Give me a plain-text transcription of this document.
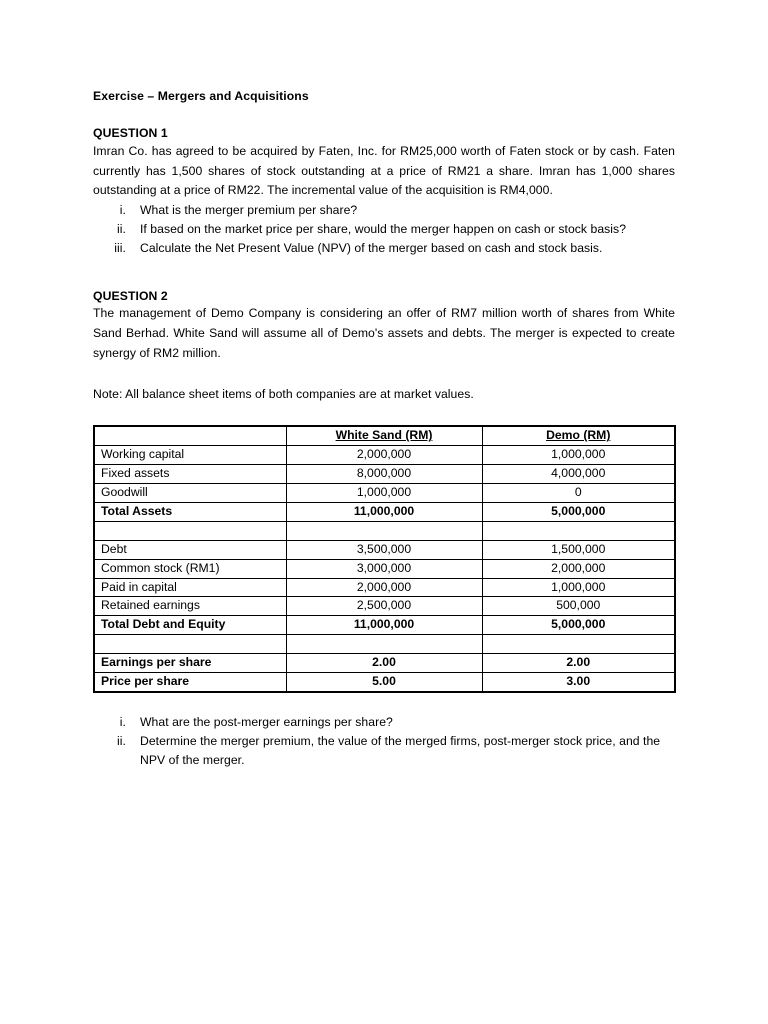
Exercise – Mergers and Acquisitions

QUESTION 1

Imran Co. has agreed to be acquired by Faten, Inc. for RM25,000 worth of Faten stock or by cash. Faten currently has 1,500 shares of stock outstanding at a price of RM21 a share. Imran has 1,000 shares outstanding at a price of RM22. The incremental value of the acquisition is RM4,000.

i. What is the merger premium per share?
ii. If based on the market price per share, would the merger happen on cash or stock basis?
iii. Calculate the Net Present Value (NPV) of the merger based on cash and stock basis.

QUESTION 2

The management of Demo Company is considering an offer of RM7 million worth of shares from White Sand Berhad. White Sand will assume all of Demo's assets and debts. The merger is expected to create synergy of RM2 million.

Note: All balance sheet items of both companies are at market values.

	White Sand (RM)	Demo (RM)
Working capital	2,000,000	1,000,000
Fixed assets	8,000,000	4,000,000
Goodwill	1,000,000	0
Total Assets	11,000,000	5,000,000

Debt	3,500,000	1,500,000
Common stock (RM1)	3,000,000	2,000,000
Paid in capital	2,000,000	1,000,000
Retained earnings	2,500,000	500,000
Total Debt and Equity	11,000,000	5,000,000

Earnings per share	2.00	2.00
Price per share	5.00	3.00
i. What are the post-merger earnings per share?
ii. Determine the merger premium, the value of the merged firms, post-merger stock price, and the NPV of the merger.
